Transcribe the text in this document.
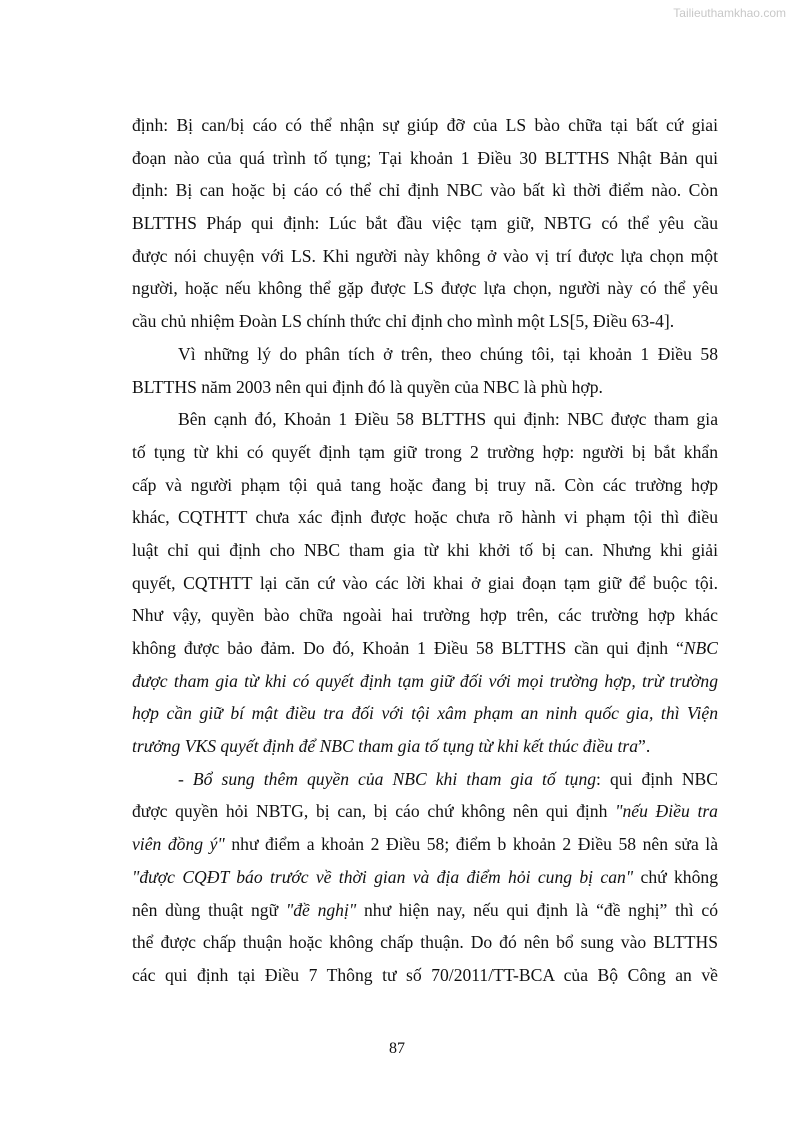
Tailieuthamkhao.com
định: Bị can/bị cáo có thể nhận sự giúp đỡ của LS bào chữa tại bất cứ giai
đoạn nào của quá trình tố tụng; Tại khoản 1 Điều 30 BLTTHS Nhật Bản qui
định: Bị can hoặc bị cáo có thể chỉ định NBC vào bất kì thời điểm nào. Còn
BLTTHS Pháp qui định: Lúc bắt đầu việc tạm giữ, NBTG có thể yêu cầu
được nói chuyện với LS. Khi người này không ở vào vị trí được lựa chọn một
người, hoặc nếu không thể gặp được LS được lựa chọn, người này có thể yêu
cầu chủ nhiệm Đoàn LS chính thức chỉ định cho mình một LS[5, Điều 63-4].
Vì những lý do phân tích ở trên, theo chúng tôi, tại khoản 1 Điều 58
BLTTHS năm 2003 nên qui định đó là quyền của NBC là phù hợp.
Bên cạnh đó, Khoản 1 Điều 58 BLTTHS qui định: NBC được tham gia
tố tụng từ khi có quyết định tạm giữ trong 2 trường hợp: người bị bắt khẩn
cấp và người phạm tội quả tang hoặc đang bị truy nã. Còn các trường hợp
khác, CQTHTT chưa xác định được hoặc chưa rõ hành vi phạm tội thì điều
luật chỉ qui định cho NBC tham gia từ khi khởi tố bị can. Nhưng khi giải
quyết, CQTHTT lại căn cứ vào các lời khai ở giai đoạn tạm giữ để buộc tội.
Như vậy, quyền bào chữa ngoài hai trường hợp trên, các trường hợp khác
không được bảo đảm. Do đó, Khoản 1 Điều 58 BLTTHS cần qui định “NBC
được tham gia từ khi có quyết định tạm giữ đối với mọi trường hợp, trừ trường
hợp cần giữ bí mật điều tra đối với tội xâm phạm an ninh quốc gia, thì Viện
trưởng VKS quyết định để NBC tham gia tố tụng từ khi kết thúc điều tra”.
- Bổ sung thêm quyền của NBC khi tham gia tố tụng: qui định NBC
được quyền hỏi NBTG, bị can, bị cáo chứ không nên qui định "nếu Điều tra
viên đồng ý" như điểm a khoản 2 Điều 58; điểm b khoản 2 Điều 58 nên sửa là
"được CQĐT báo trước về thời gian và địa điểm hỏi cung bị can" chứ không
nên dùng thuật ngữ "đề nghị" như hiện nay, nếu qui định là “đề nghị” thì có
thể được chấp thuận hoặc không chấp thuận. Do đó nên bổ sung vào BLTTHS
các qui định tại Điều 7 Thông tư số 70/2011/TT-BCA của Bộ Công an về
87
